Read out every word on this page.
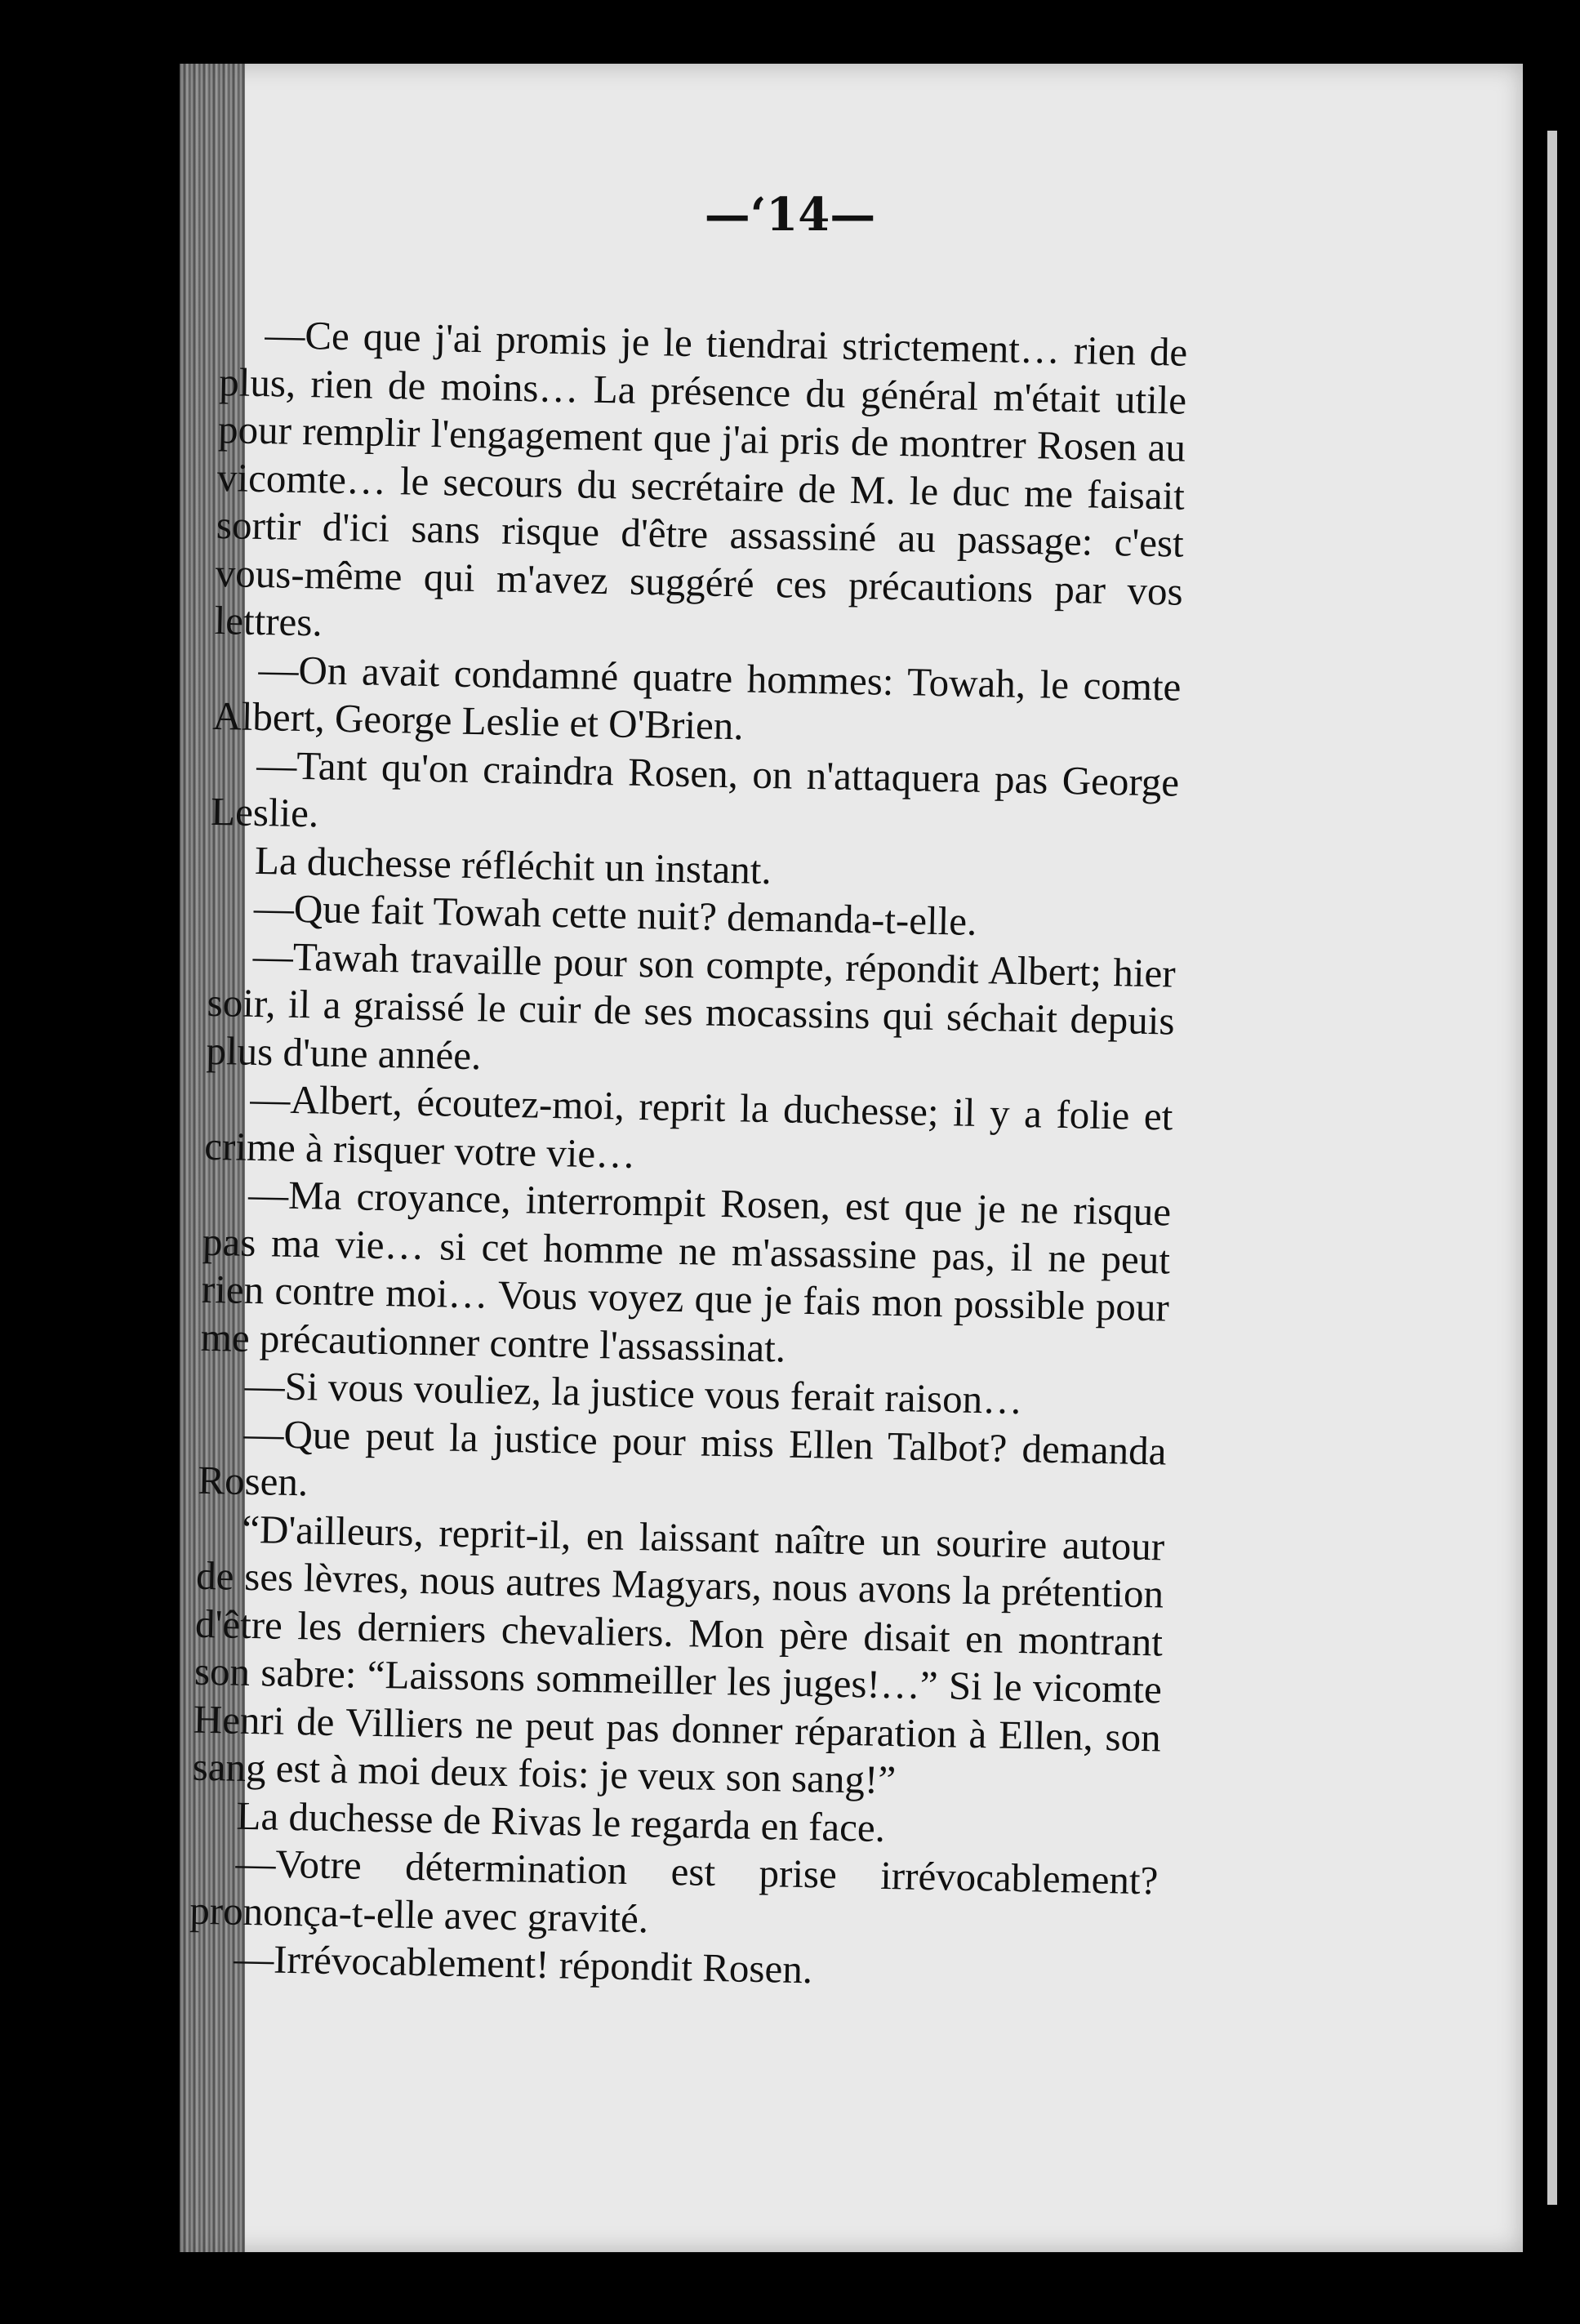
—ʻ14—

—Ce que j'ai promis je le tiendrai strictement… rien de plus, rien de moins… La présence du général m'était utile pour remplir l'engagement que j'ai pris de montrer Rosen au vicomte… le secours du secrétaire de M. le duc me faisait sortir d'ici sans risque d'être assassiné au passage: c'est vous-même qui m'avez suggéré ces précautions par vos lettres.

—On avait condamné quatre hommes: Towah, le comte Albert, George Leslie et O'Brien.

—Tant qu'on craindra Rosen, on n'attaquera pas George Leslie.

La duchesse réfléchit un instant.

—Que fait Towah cette nuit? demanda-t-elle.

—Tawah travaille pour son compte, répondit Albert; hier soir, il a graissé le cuir de ses mocassins qui séchait depuis plus d'une année.

—Albert, écoutez-moi, reprit la duchesse; il y a folie et crime à risquer votre vie…

—Ma croyance, interrompit Rosen, est que je ne risque pas ma vie… si cet homme ne m'assassine pas, il ne peut rien contre moi… Vous voyez que je fais mon possible pour me précautionner contre l'assassinat.

—Si vous vouliez, la justice vous ferait raison…

—Que peut la justice pour miss Ellen Talbot? demanda Rosen.

“D'ailleurs, reprit-il, en laissant naître un sourire autour de ses lèvres, nous autres Magyars, nous avons la prétention d'être les derniers chevaliers. Mon père disait en montrant son sabre: “Laissons sommeiller les juges!…” Si le vicomte Henri de Villiers ne peut pas donner réparation à Ellen, son sang est à moi deux fois: je veux son sang!”

La duchesse de Rivas le regarda en face.

—Votre détermination est prise irrévocablement? prononça-t-elle avec gravité.

—Irrévocablement! répondit Rosen.
